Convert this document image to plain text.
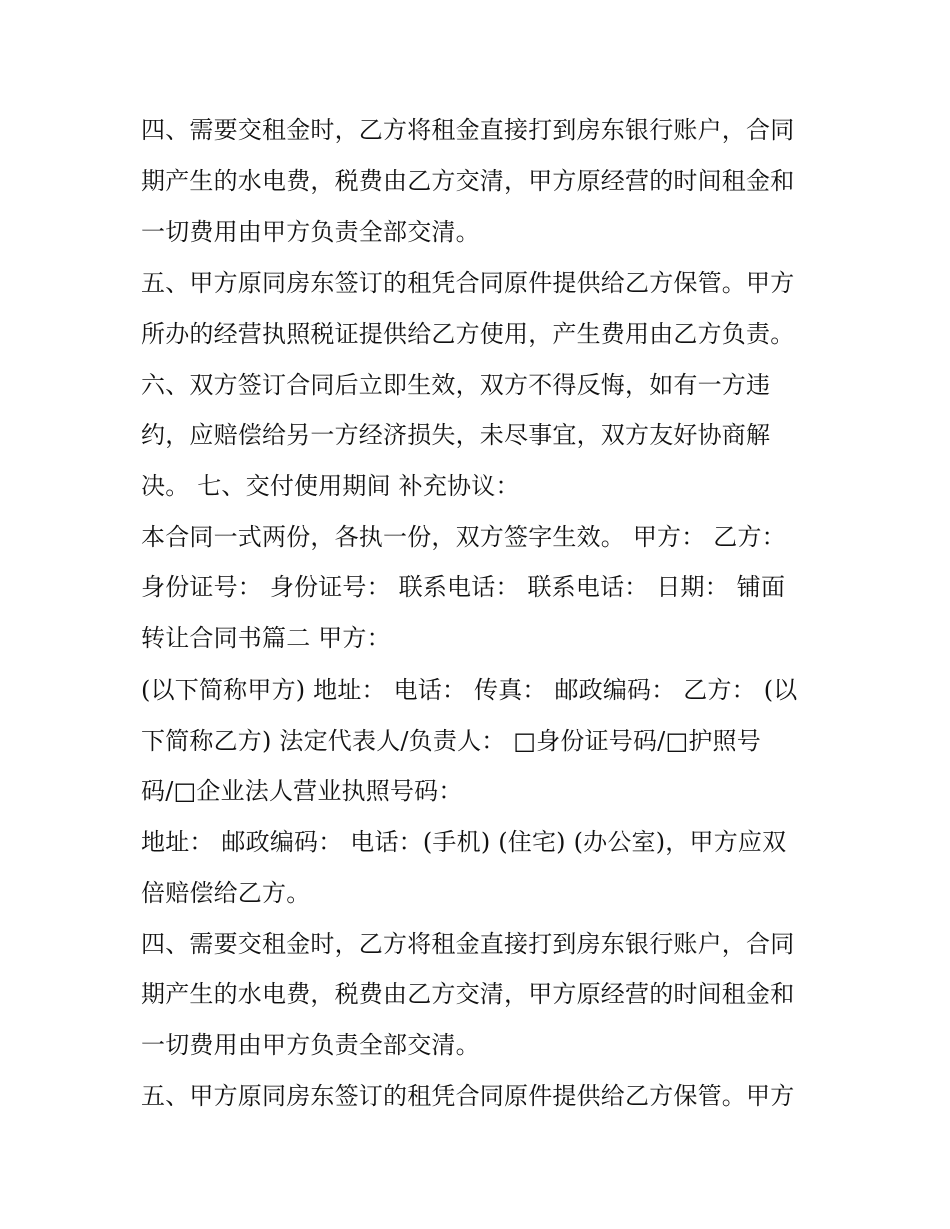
四、需要交租金时，乙方将租金直接打到房东银行账户，合同
期产生的水电费，税费由乙方交清，甲方原经营的时间租金和
一切费用由甲方负责全部交清。
五、甲方原同房东签订的租凭合同原件提供给乙方保管。甲方
所办的经营执照税证提供给乙方使用，产生费用由乙方负责。
六、双方签订合同后立即生效，双方不得反悔，如有一方违
约，应赔偿给另一方经济损失，未尽事宜，双方友好协商解
决。 七、交付使用期间 补充协议：
本合同一式两份，各执一份，双方签字生效。 甲方： 乙方：
身份证号： 身份证号： 联系电话： 联系电话： 日期： 铺面
转让合同书篇二 甲方：
(以下简称甲方) 地址： 电话： 传真： 邮政编码： 乙方： (以
下简称乙方) 法定代表人/负责人： □身份证号码/□护照号
码/□企业法人营业执照号码：
地址： 邮政编码： 电话：(手机) (住宅) (办公室)，甲方应双
倍赔偿给乙方。
四、需要交租金时，乙方将租金直接打到房东银行账户，合同
期产生的水电费，税费由乙方交清，甲方原经营的时间租金和
一切费用由甲方负责全部交清。
五、甲方原同房东签订的租凭合同原件提供给乙方保管。甲方
